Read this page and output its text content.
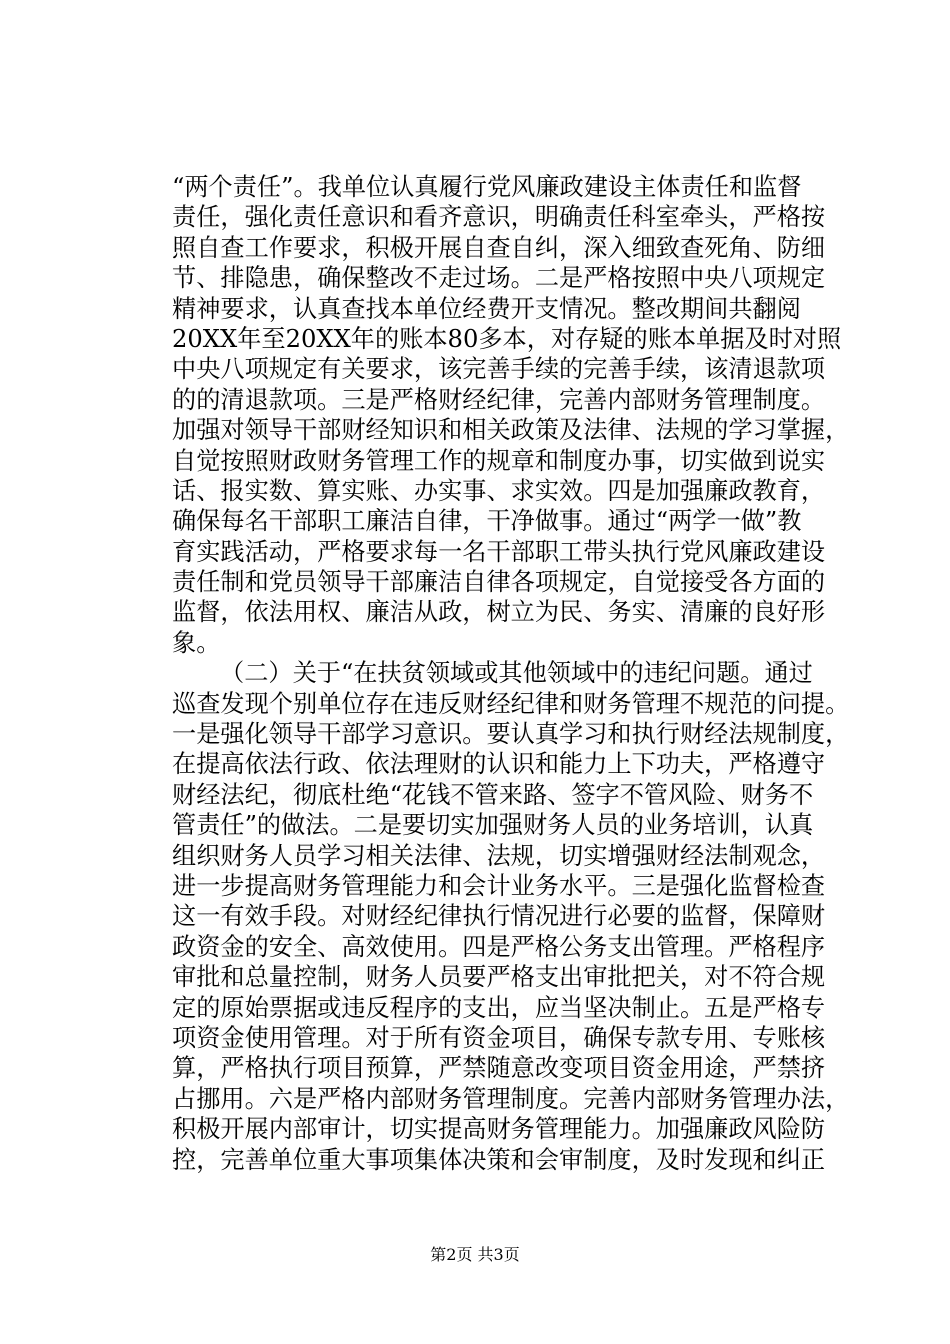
“两个责任”。我单位认真履行党风廉政建设主体责任和监督
责任，强化责任意识和看齐意识，明确责任科室牵头，严格按
照自查工作要求，积极开展自查自纠，深入细致查死角、防细
节、排隐患，确保整改不走过场。二是严格按照中央八项规定
精神要求，认真查找本单位经费开支情况。整改期间共翻阅
20XX年至20XX年的账本80多本，对存疑的账本单据及时对照
中央八项规定有关要求，该完善手续的完善手续，该清退款项
的的清退款项。三是严格财经纪律，完善内部财务管理制度。
加强对领导干部财经知识和相关政策及法律、法规的学习掌握，
自觉按照财政财务管理工作的规章和制度办事，切实做到说实
话、报实数、算实账、办实事、求实效。四是加强廉政教育，
确保每名干部职工廉洁自律，干净做事。通过“两学一做”教
育实践活动，严格要求每一名干部职工带头执行党风廉政建设
责任制和党员领导干部廉洁自律各项规定，自觉接受各方面的
监督，依法用权、廉洁从政，树立为民、务实、清廉的良好形
象。
（二）关于“在扶贫领域或其他领域中的违纪问题。通过
巡查发现个别单位存在违反财经纪律和财务管理不规范的问提。
一是强化领导干部学习意识。要认真学习和执行财经法规制度，
在提高依法行政、依法理财的认识和能力上下功夫，严格遵守
财经法纪，彻底杜绝“花钱不管来路、签字不管风险、财务不
管责任”的做法。二是要切实加强财务人员的业务培训，认真
组织财务人员学习相关法律、法规，切实增强财经法制观念，
进一步提高财务管理能力和会计业务水平。三是强化监督检查
这一有效手段。对财经纪律执行情况进行必要的监督，保障财
政资金的安全、高效使用。四是严格公务支出管理。严格程序
审批和总量控制，财务人员要严格支出审批把关，对不符合规
定的原始票据或违反程序的支出，应当坚决制止。五是严格专
项资金使用管理。对于所有资金项目，确保专款专用、专账核
算，严格执行项目预算，严禁随意改变项目资金用途，严禁挤
占挪用。六是严格内部财务管理制度。完善内部财务管理办法，
积极开展内部审计，切实提高财务管理能力。加强廉政风险防
控，完善单位重大事项集体决策和会审制度，及时发现和纠正
第2页 共3页
